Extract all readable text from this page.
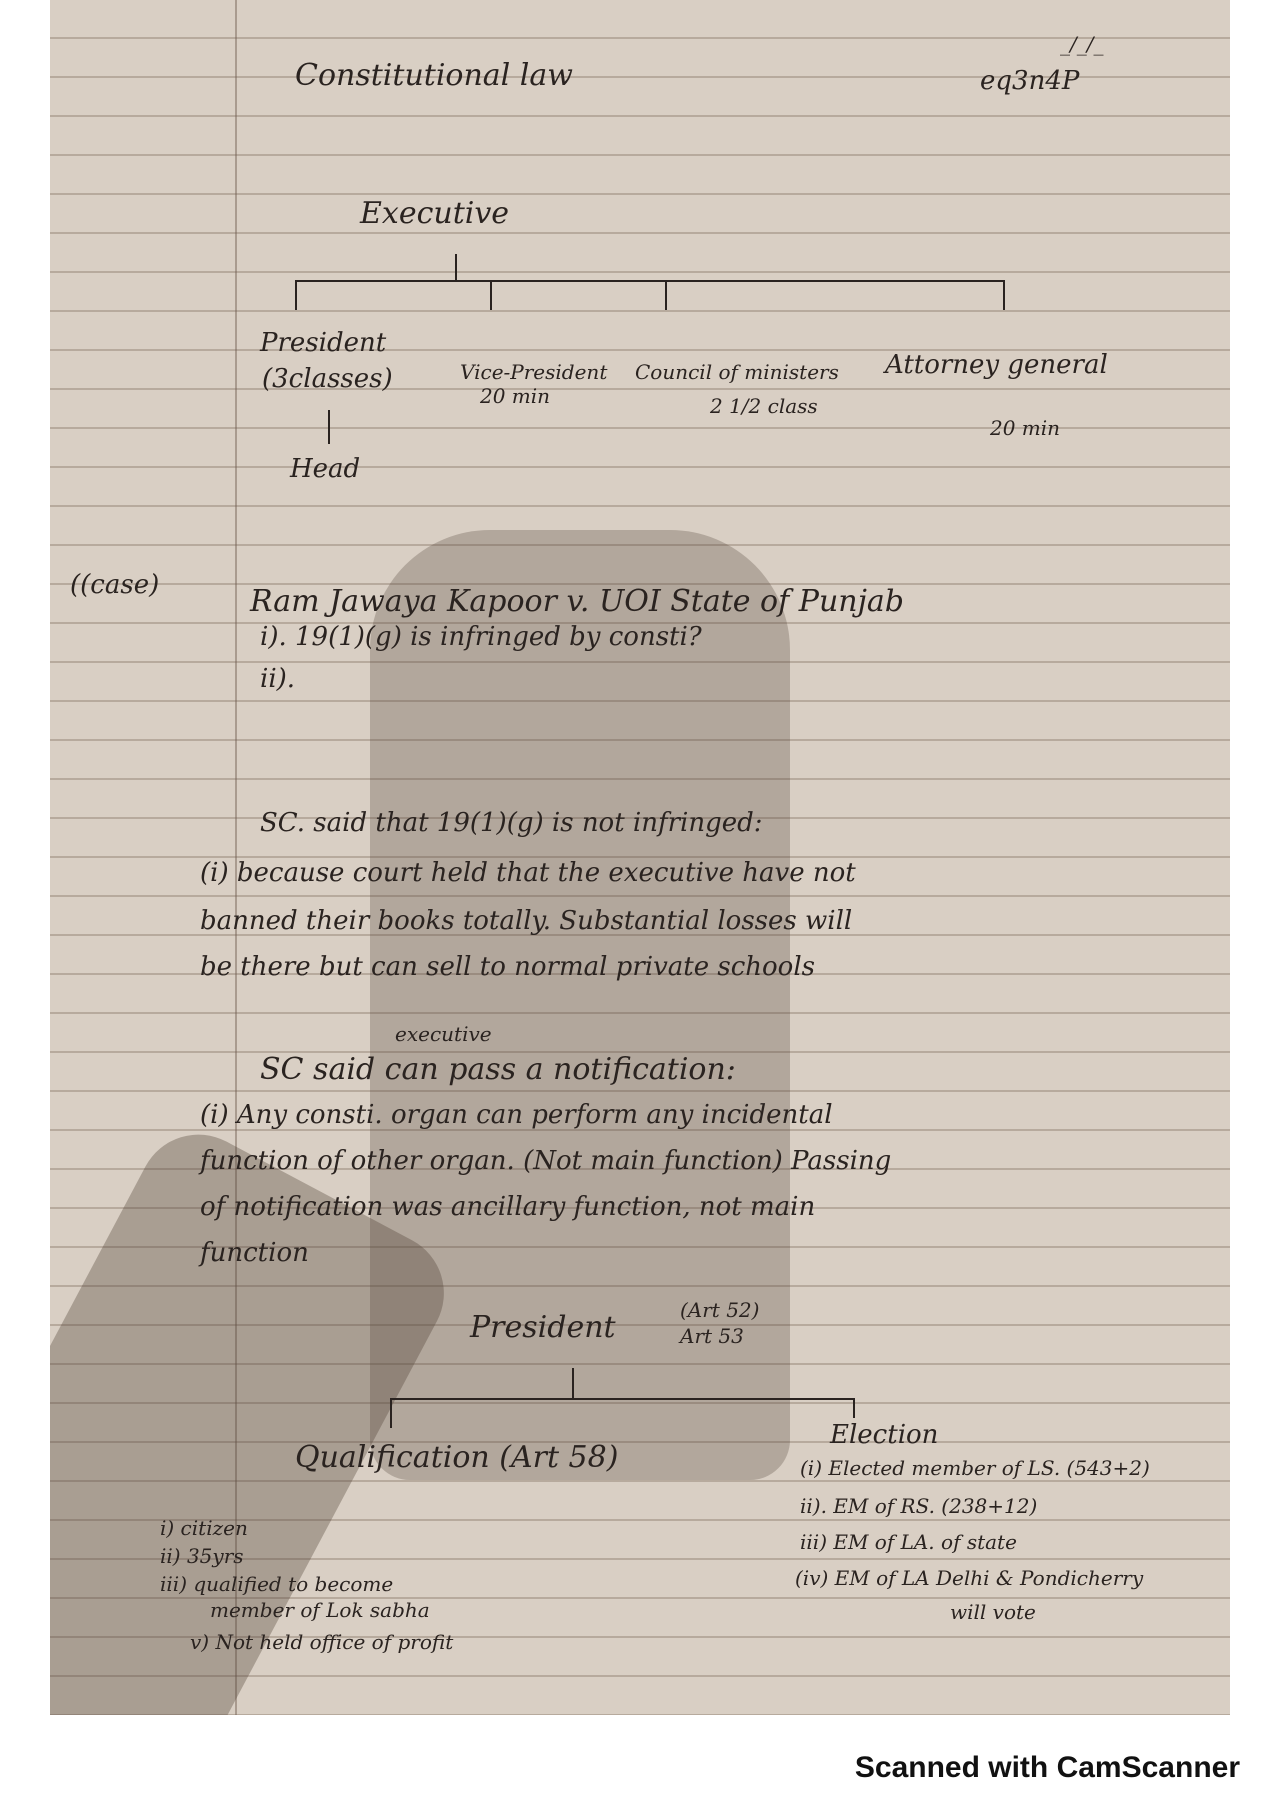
_/_/_
Constitutional law	eq3n4P
Executive
President
(3classes)
Head
Vice-President
20 min
Council of ministers
2 1/2 class
Attorney general
20 min
((case)	Ram Jawaya Kapoor v. UOI State of Punjab
i). 19(1)(g) is infringed by consti?
ii).
SC. said that 19(1)(g) is not infringed:
(i) because court held that the executive have not
banned their books totally. Substantial losses will
be there but can sell to normal private schools
executive
SC said can pass a notification:
(i) Any consti. organ can perform any incidental
function of other organ. (Not main function) Passing
of notification was ancillary function, not main
function
President	(Art 52)
Art 53
Qualification (Art 58)
i) citizen
ii) 35yrs
iii) qualified to become
member of Lok sabha
v) Not held office of profit
Election
(i) Elected member of LS. (543+2)
ii). EM of RS. (238+12)
iii) EM of LA. of state
(iv) EM of LA Delhi & Pondicherry
will vote
Scanned with CamScanner
